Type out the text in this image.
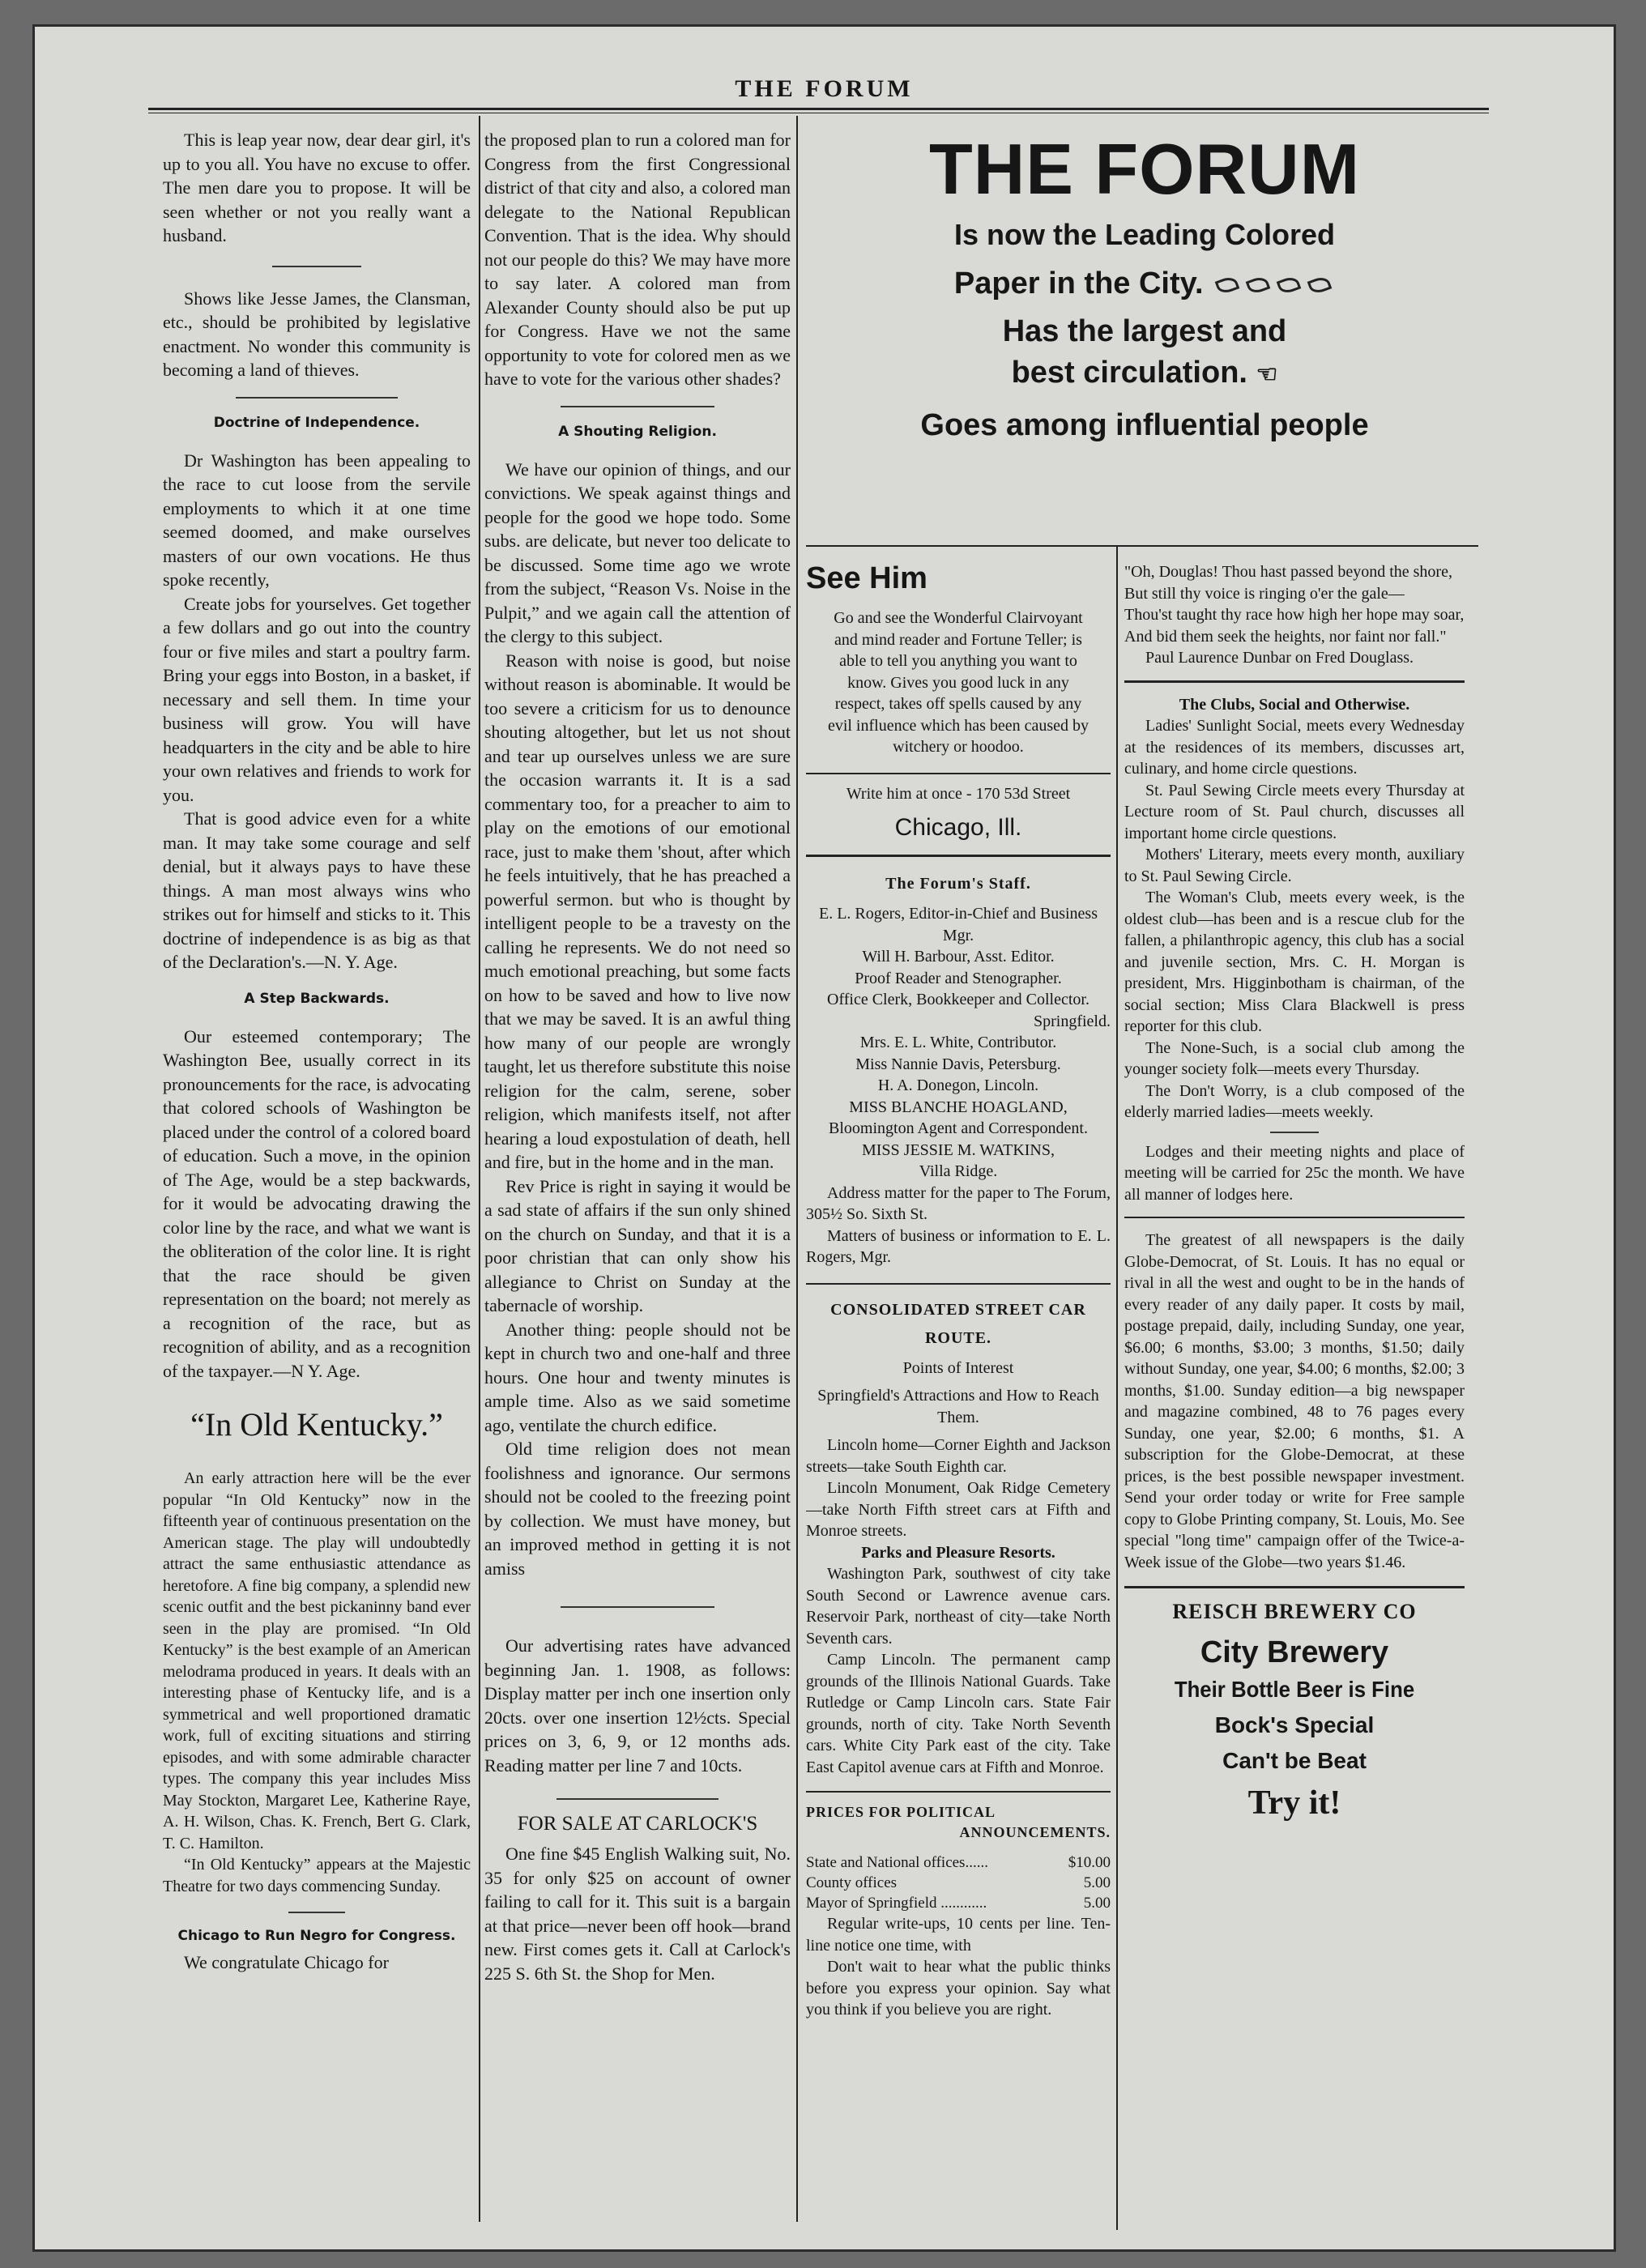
THE FORUM

This is leap year now, dear dear girl, it's up to you all. You have no excuse to offer. The men dare you to propose. It will be seen whether or not you really want a husband.

Shows like Jesse James, the Clansman, etc., should be prohibited by legislative enactment. No wonder this community is becoming a land of thieves.

Doctrine of Independence.

Dr Washington has been appealing to the race to cut loose from the servile employments to which it at one time seemed doomed, and make ourselves masters of our own vocations. He thus spoke recently,

Create jobs for yourselves. Get together a few dollars and go out into the country four or five miles and start a poultry farm. Bring your eggs into Boston, in a basket, if necessary and sell them. In time your business will grow. You will have headquarters in the city and be able to hire your own relatives and friends to work for you.

That is good advice even for a white man. It may take some courage and self denial, but it always pays to have these things. A man most always wins who strikes out for himself and sticks to it. This doctrine of independence is as big as that of the Declaration's.—N. Y. Age.

A Step Backwards.

Our esteemed contemporary; The Washington Bee, usually correct in its pronouncements for the race, is advocating that colored schools of Washington be placed under the control of a colored board of education. Such a move, in the opinion of The Age, would be a step backwards, for it would be advocating drawing the color line by the race, and what we want is the obliteration of the color line. It is right that the race should be given representation on the board; not merely as a recognition of the race, but as recognition of ability, and as a recognition of the taxpayer.—N Y. Age.

“In Old Kentucky.”

An early attraction here will be the ever popular “In Old Kentucky” now in the fifteenth year of continuous presentation on the American stage. The play will undoubtedly attract the same enthusiastic attendance as heretofore. A fine big company, a splendid new scenic outfit and the best pickaninny band ever seen in the play are promised. “In Old Kentucky” is the best example of an American melodrama produced in years. It deals with an interesting phase of Kentucky life, and is a symmetrical and well proportioned dramatic work, full of exciting situations and stirring episodes, and with some admirable character types. The company this year includes Miss May Stockton, Margaret Lee, Katherine Raye, A. H. Wilson, Chas. K. French, Bert G. Clark, T. C. Hamilton.

“In Old Kentucky” appears at the Majestic Theatre for two days commencing Sunday.

Chicago to Run Negro for Congress.

We congratulate Chicago for

the proposed plan to run a colored man for Congress from the first Congressional district of that city and also, a colored man delegate to the National Republican Convention. That is the idea. Why should not our people do this? We may have more to say later. A colored man from Alexander County should also be put up for Congress. Have we not the same opportunity to vote for colored men as we have to vote for the various other shades?

A Shouting Religion.

We have our opinion of things, and our convictions. We speak against things and people for the good we hope todo. Some subs. are delicate, but never too delicate to be discussed. Some time ago we wrote from the subject, “Reason Vs. Noise in the Pulpit,” and we again call the attention of the clergy to this subject.

Reason with noise is good, but noise without reason is abominable. It would be too severe a criticism for us to denounce shouting altogether, but let us not shout and tear up ourselves unless we are sure the occasion warrants it. It is a sad commentary too, for a preacher to aim to play on the emotions of our emotional race, just to make them 'shout, after which he feels intuitively, that he has preached a powerful sermon. but who is thought by intelligent people to be a travesty on the calling he represents. We do not need so much emotional preaching, but some facts on how to be saved and how to live now that we may be saved. It is an awful thing how many of our people are wrongly taught, let us therefore substitute this noise religion for the calm, serene, sober religion, which manifests itself, not after hearing a loud expostulation of death, hell and fire, but in the home and in the man.

Rev Price is right in saying it would be a sad state of affairs if the sun only shined on the church on Sunday, and that it is a poor christian that can only show his allegiance to Christ on Sunday at the tabernacle of worship.

Another thing: people should not be kept in church two and one-half and three hours. One hour and twenty minutes is ample time. Also as we said sometime ago, ventilate the church edifice.

Old time religion does not mean foolishness and ignorance. Our sermons should not be cooled to the freezing point by collection. We must have money, but an improved method in getting it is not amiss

Our advertising rates have advanced beginning Jan. 1. 1908, as follows: Display matter per inch one insertion only 20cts. over one insertion 12½cts. Special prices on 3, 6, 9, or 12 months ads. Reading matter per line 7 and 10cts.

FOR SALE AT CARLOCK'S

One fine $45 English Walking suit, No. 35 for only $25 on account of owner failing to call for it. This suit is a bargain at that price—never been off hook—brand new. First comes gets it. Call at Carlock's 225 S. 6th St. the Shop for Men.

THE FORUM
Is now the Leading Colored
Paper in the City.
Has the largest and
best circulation. ☜
Goes among influential people
See Him

Go and see the Wonderful Clairvoyant and mind reader and Fortune Teller; is able to tell you anything you want to know. Gives you good luck in any respect, takes off spells caused by any evil influence which has been caused by witchery or hoodoo.

Write him at once - 170 53d Street

Chicago, Ill.
The Forum's Staff.

E. L. Rogers, Editor-in-Chief and Business Mgr.

Will H. Barbour, Asst. Editor.

Proof Reader and Stenographer.

Office Clerk, Bookkeeper and Collector.

Springfield.

Mrs. E. L. White, Contributor.

Miss Nannie Davis, Petersburg.

H. A. Donegon, Lincoln.

MISS BLANCHE HOAGLAND,

Bloomington Agent and Correspondent.

MISS JESSIE M. WATKINS,

Villa Ridge.

Address matter for the paper to The Forum, 305½ So. Sixth St.

Matters of business or information to E. L. Rogers, Mgr.

CONSOLIDATED STREET CAR
ROUTE.

Points of Interest

Springfield's Attractions and How to Reach Them.

Lincoln home—Corner Eighth and Jackson streets—take South Eighth car.

Lincoln Monument, Oak Ridge Cemetery—take North Fifth street cars at Fifth and Monroe streets.

Parks and Pleasure Resorts.

Washington Park, southwest of city take South Second or Lawrence avenue cars. Reservoir Park, northeast of city—take North Seventh cars.

Camp Lincoln. The permanent camp grounds of the Illinois National Guards. Take Rutledge or Camp Lincoln cars. State Fair grounds, north of city. Take North Seventh cars. White City Park east of the city. Take East Capitol avenue cars at Fifth and Monroe.

PRICES FOR POLITICAL
ANNOUNCEMENTS.
State and National offices......	$10.00
County offices	5.00
Mayor of Springfield ............	5.00

Regular write-ups, 10 cents per line. Ten-line notice one time, with

Don't wait to hear what the public thinks before you express your opinion. Say what you think if you believe you are right.

"Oh, Douglas! Thou hast passed beyond the shore,

But still thy voice is ringing o'er the gale—

Thou'st taught thy race how high her hope may soar,

And bid them seek the heights, nor faint nor fall."

Paul Laurence Dunbar on Fred Douglass.

The Clubs, Social and Otherwise.

Ladies' Sunlight Social, meets every Wednesday at the residences of its members, discusses art, culinary, and home circle questions.

St. Paul Sewing Circle meets every Thursday at Lecture room of St. Paul church, discusses all important home circle questions.

Mothers' Literary, meets every month, auxiliary to St. Paul Sewing Circle.

The Woman's Club, meets every week, is the oldest club—has been and is a rescue club for the fallen, a philanthropic agency, this club has a social and juvenile section, Mrs. C. H. Morgan is president, Mrs. Higginbotham is chairman, of the social section; Miss Clara Blackwell is press reporter for this club.

The None-Such, is a social club among the younger society folk—meets every Thursday.

The Don't Worry, is a club composed of the elderly married ladies—meets weekly.

Lodges and their meeting nights and place of meeting will be carried for 25c the month. We have all manner of lodges here.

The greatest of all newspapers is the daily Globe-Democrat, of St. Louis. It has no equal or rival in all the west and ought to be in the hands of every reader of any daily paper. It costs by mail, postage prepaid, daily, including Sunday, one year, $6.00; 6 months, $3.00; 3 months, $1.50; daily without Sunday, one year, $4.00; 6 months, $2.00; 3 months, $1.00. Sunday edition—a big newspaper and magazine combined, 48 to 76 pages every Sunday, one year, $2.00; 6 months, $1. A subscription for the Globe-Democrat, at these prices, is the best possible newspaper investment. Send your order today or write for Free sample copy to Globe Printing company, St. Louis, Mo. See special "long time" campaign offer of the Twice-a-Week issue of the Globe—two years $1.46.

REISCH BREWERY CO
City Brewery
Their Bottle Beer is Fine
Bock's Special
Can't be Beat
Try it!
